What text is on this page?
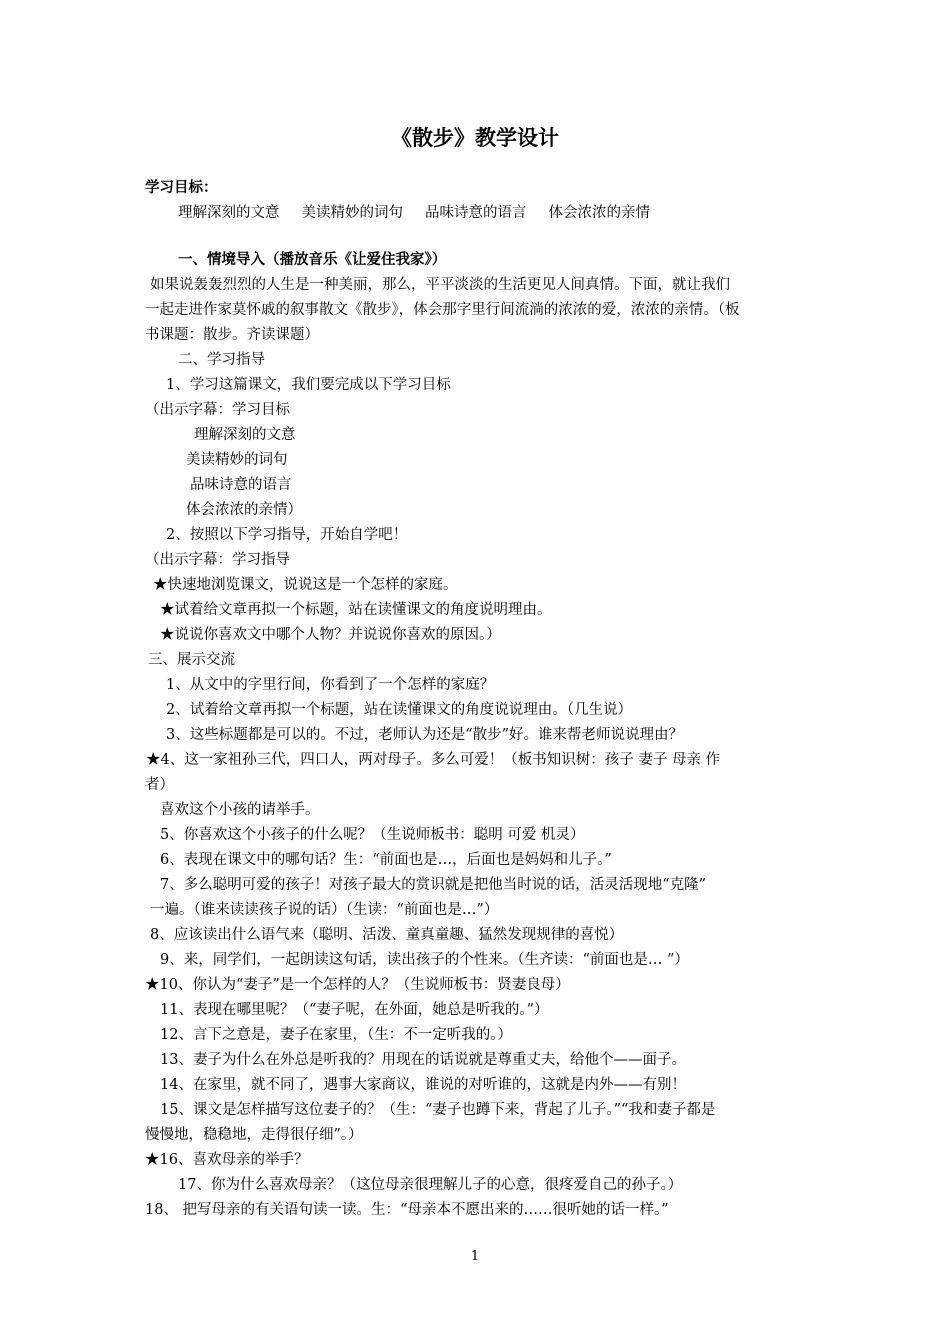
《散步》教学设计
学习目标：
理解深刻的文意 美读精妙的词句 品味诗意的语言 体会浓浓的亲情
一、情境导入（播放音乐《让爱住我家》）
如果说轰轰烈烈的人生是一种美丽，那么，平平淡淡的生活更见人间真情。下面，就让我们
一起走进作家莫怀戚的叙事散文《散步》，体会那字里行间流淌的浓浓的爱，浓浓的亲情。（板
书课题：散步。齐读课题）
二、学习指导
1、学习这篇课文，我们要完成以下学习目标
（出示字幕：学习目标
理解深刻的文意
美读精妙的词句
品味诗意的语言
体会浓浓的亲情）
2、按照以下学习指导，开始自学吧！
（出示字幕：学习指导
★快速地浏览课文，说说这是一个怎样的家庭。
★试着给文章再拟一个标题，站在读懂课文的角度说明理由。
★说说你喜欢文中哪个人物？并说说你喜欢的原因。）
三、展示交流
1、从文中的字里行间，你看到了一个怎样的家庭？
2、试着给文章再拟一个标题，站在读懂课文的角度说说理由。（几生说）
3、这些标题都是可以的。不过，老师认为还是“散步”好。谁来帮老师说说理由？
★4、这一家祖孙三代，四口人，两对母子。多么可爱！（板书知识树：孩子 妻子 母亲 作
者）
喜欢这个小孩的请举手。
5、你喜欢这个小孩子的什么呢？（生说师板书：聪明 可爱 机灵）
6、表现在课文中的哪句话？生：“前面也是…，后面也是妈妈和儿子。”
7、多么聪明可爱的孩子！对孩子最大的赏识就是把他当时说的话，活灵活现地“克隆”
一遍。（谁来读读孩子说的话）（生读：“前面也是…”）
8、应该读出什么语气来（聪明、活泼、童真童趣、猛然发现规律的喜悦）
9、来，同学们，一起朗读这句话，读出孩子的个性来。（生齐读：“前面也是… ”）
★10、你认为“妻子”是一个怎样的人？（生说师板书：贤妻良母）
11、表现在哪里呢？（“妻子呢，在外面，她总是听我的。”）
12、言下之意是，妻子在家里，（生：不一定听我的。）
13、妻子为什么在外总是听我的？用现在的话说就是尊重丈夫，给他个——面子。
14、在家里，就不同了，遇事大家商议，谁说的对听谁的，这就是内外——有别！
15、课文是怎样描写这位妻子的？（生：“妻子也蹲下来，背起了儿子。”“我和妻子都是
慢慢地，稳稳地，走得很仔细”。）
★16、喜欢母亲的举手？
17、你为什么喜欢母亲？（这位母亲很理解儿子的心意，很疼爱自己的孙子。）
18、 把写母亲的有关语句读一读。生：“母亲本不愿出来的……很听她的话一样。”
1
